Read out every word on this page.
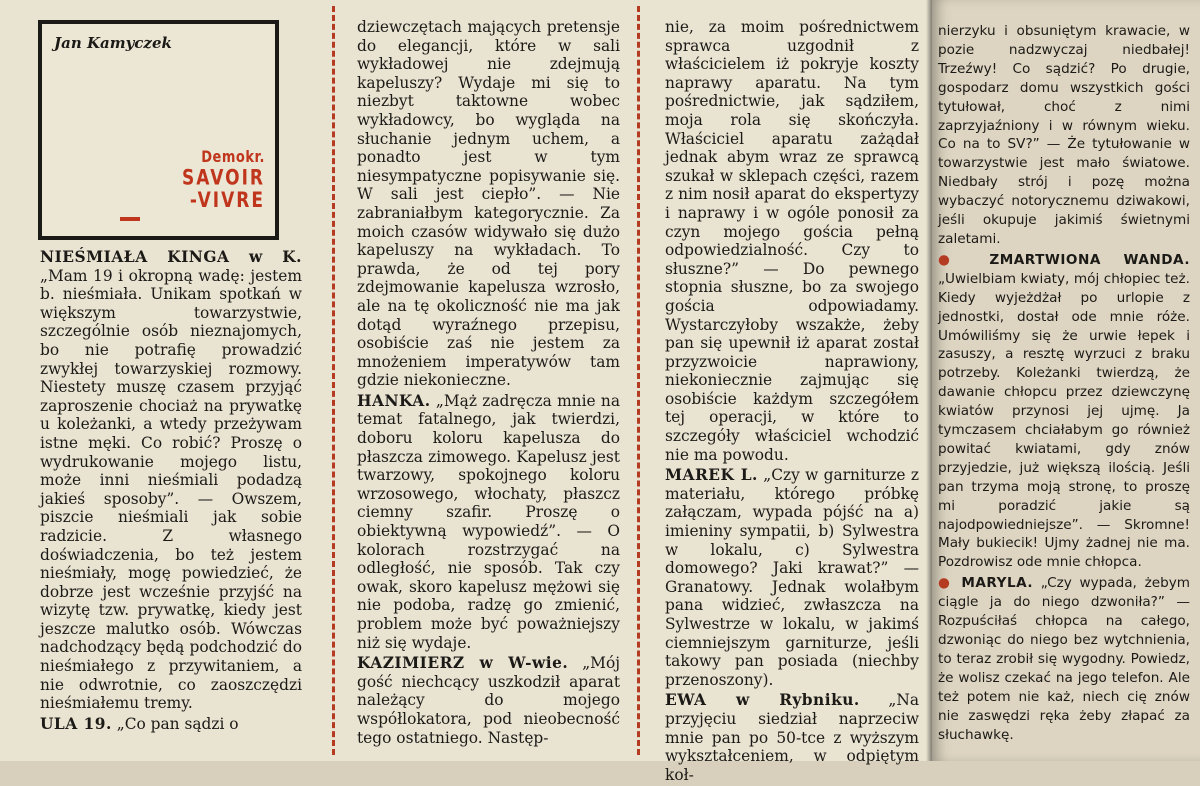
Jan Kamyczek
Demokr.
SAVOIR
-VIVRE

NIEŚMIAŁA KINGA w K. „Mam 19 i okropną wadę: jestem b. nieśmiała. Unikam spotkań w większym towarzystwie, szczególnie osób nieznajomych, bo nie potrafię prowadzić zwykłej towarzyskiej rozmowy. Niestety muszę czasem przyjąć zaproszenie chociaż na prywatkę u koleżanki, a wtedy przeżywam istne męki. Co robić? Proszę o wydrukowanie mojego listu, może inni nieśmiali podadzą jakieś sposoby”. — Owszem, piszcie nieśmiali jak sobie radzicie. Z własnego doświadczenia, bo też jestem nieśmiały, mogę powiedzieć, że dobrze jest wcześnie przyjść na wizytę tzw. prywatkę, kiedy jest jeszcze malutko osób. Wówczas nadchodzący będą podchodzić do nieśmiałego z przywitaniem, a nie odwrotnie, co zaoszczędzi nieśmiałemu tremy.

ULA 19. „Co pan sądzi o

dziewczętach mających pretensje do elegancji, które w sali wykładowej nie zdejmują kapeluszy? Wydaje mi się to niezbyt taktowne wobec wykładowcy, bo wygląda na słuchanie jednym uchem, a ponadto jest w tym niesympatyczne popisywanie się. W sali jest ciepło”. — Nie zabraniałbym kategorycznie. Za moich czasów widywało się dużo kapeluszy na wykładach. To prawda, że od tej pory zdejmowanie kapelusza wzrosło, ale na tę okoliczność nie ma jak dotąd wyraźnego przepisu, osobiście zaś nie jestem za mnożeniem imperatywów tam gdzie niekonieczne.

HANKA. „Mąż zadręcza mnie na temat fatalnego, jak twierdzi, doboru koloru kapelusza do płaszcza zimowego. Kapelusz jest twarzowy, spokojnego koloru wrzosowego, włochaty, płaszcz ciemny szafir. Proszę o obiektywną wypowiedź”. — O kolorach rozstrzygać na odległość, nie sposób. Tak czy owak, skoro kapelusz mężowi się nie podoba, radzę go zmienić, problem może być poważniejszy niż się wydaje.

KAZIMIERZ w W-wie. „Mój gość niechcący uszkodził aparat należący do mojego współlokatora, pod nieobecność tego ostatniego. Następ-

nie, za moim pośrednictwem sprawca uzgodnił z właścicielem iż pokryje koszty naprawy aparatu. Na tym pośrednictwie, jak sądziłem, moja rola się skończyła. Właściciel aparatu zażądał jednak abym wraz ze sprawcą szukał w sklepach części, razem z nim nosił aparat do ekspertyzy i naprawy i w ogóle ponosił za czyn mojego gościa pełną odpowiedzialność. Czy to słuszne?” — Do pewnego stopnia słuszne, bo za swojego gościa odpowiadamy. Wystarczyłoby wszakże, żeby pan się upewnił iż aparat został przyzwoicie naprawiony, niekoniecznie zajmując się osobiście każdym szczegółem tej operacji, w które to szczegóły właściciel wchodzić nie ma powodu.

MAREK L. „Czy w garniturze z materiału, którego próbkę załączam, wypada pójść na a) imieniny sympatii, b) Sylwestra w lokalu, c) Sylwestra domowego? Jaki krawat?” — Granatowy. Jednak wolałbym pana widzieć, zwłaszcza na Sylwestrze w lokalu, w jakimś ciemniejszym garniturze, jeśli takowy pan posiada (niechby przenoszony).

EWA w Rybniku. „Na przyjęciu siedział naprzeciw mnie pan po 50-tce z wyższym wykształceniem, w odpiętym koł-

nierzyku i obsuniętym krawacie, w pozie nadzwyczaj niedbałej! Trzeźwy! Co sądzić? Po drugie, gospodarz domu wszystkich gości tytułował, choć z nimi zaprzyjaźniony i w równym wieku. Co na to SV?” — Że tytułowanie w towarzystwie jest mało światowe. Niedbały strój i pozę można wybaczyć notorycznemu dziwakowi, jeśli okupuje jakimiś świetnymi zaletami.

● ZMARTWIONA WANDA. „Uwielbiam kwiaty, mój chłopiec też. Kiedy wyjeżdżał po urlopie z jednostki, dostał ode mnie róże. Umówiliśmy się że urwie łepek i zasuszy, a resztę wyrzuci z braku potrzeby. Koleżanki twierdzą, że dawanie chłopcu przez dziewczynę kwiatów przynosi jej ujmę. Ja tymczasem chciałabym go również powitać kwiatami, gdy znów przyjedzie, już większą ilością. Jeśli pan trzyma moją stronę, to proszę mi poradzić jakie są najodpowiedniejsze”. — Skromne! Mały bukiecik! Ujmy żadnej nie ma. Pozdrowisz ode mnie chłopca.

● MARYLA. „Czy wypada, żebym ciągle ja do niego dzwoniła?” — Rozpuściłaś chłopca na całego, dzwoniąc do niego bez wytchnienia, to teraz zrobił się wygodny. Powiedz, że wolisz czekać na jego telefon. Ale też potem nie każ, niech cię znów nie zaswędzi ręka żeby złapać za słuchawkę.
